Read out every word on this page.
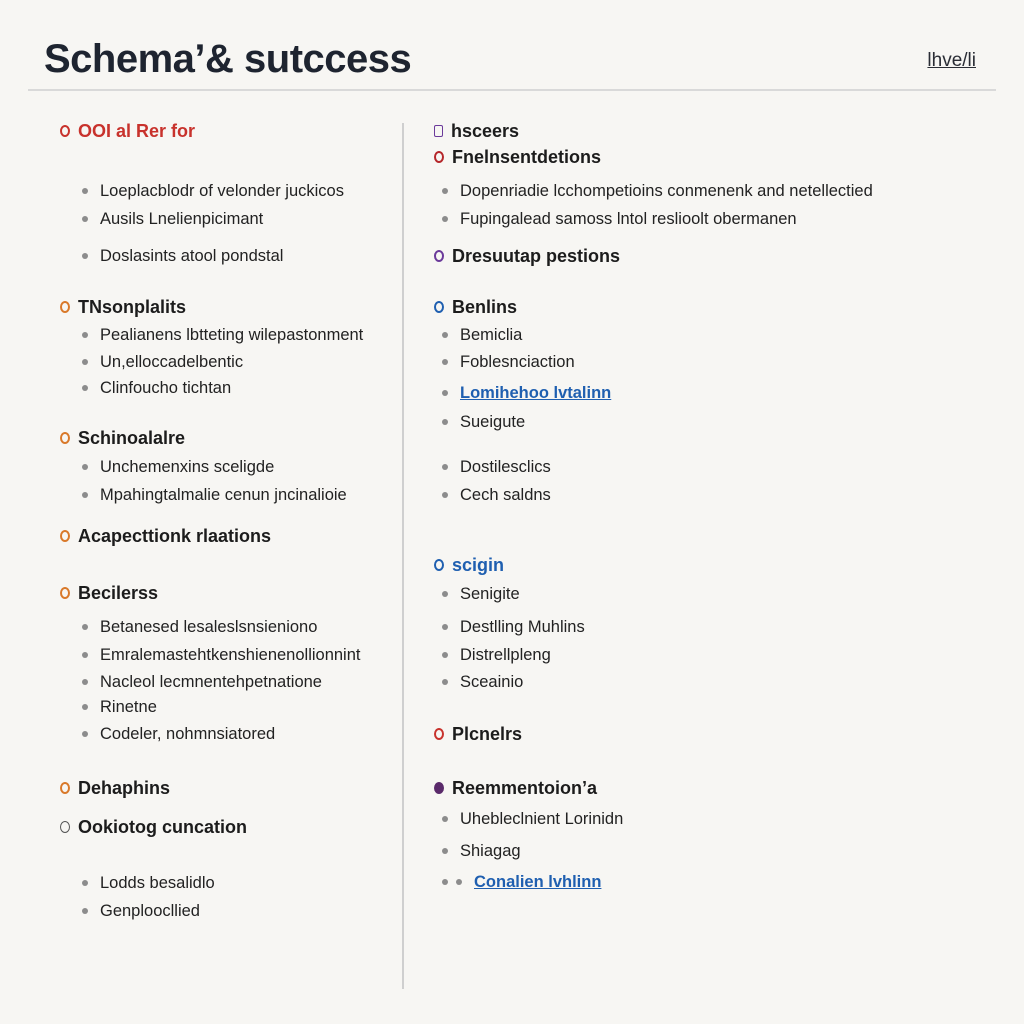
Schema’& sutccess	lhve/li
OOI al Rer for
Loeplacblodr of velonder juckicos
Ausils Lnelienpicimant
Doslasints atool pondstal
TNsonplalits
Pealianens lbtteting wilepastonment
Un,elloccadelbentic
Clinfoucho tichtan
Schinoalalre
Unchemenxins sceligde
Mpahingtalmalie cenun jncinalioie
Acapecttionk rlaations
Becilerss
Betanesed lesaleslsnsieniono
Emralemastehtkenshienenollionnint
Nacleol lecmnentehpetnatione
Rinetne
Codeler, nohmnsiatored
Dehaphins
Ookiotog cuncation
Lodds besalidlo
Genploocllied
hsceers
Fnelnsentdetions
Dopenriadie lcchompetioins conmenenk and netellectied
Fupingalead samoss lntol reslioolt obermanen
Dresuutap pestions
Benlins
Bemiclia
Foblesnciaction
Lomihehoo lvtalinn
Sueigute
Dostilesclics
Cech saldns
scigin
Senigite
Destlling Muhlins
Distrellpleng
Sceainio
Plcnelrs
Reemmentoion’a
Uhebleclnient Lorinidn
Shiagag
Conalien lvhlinn
